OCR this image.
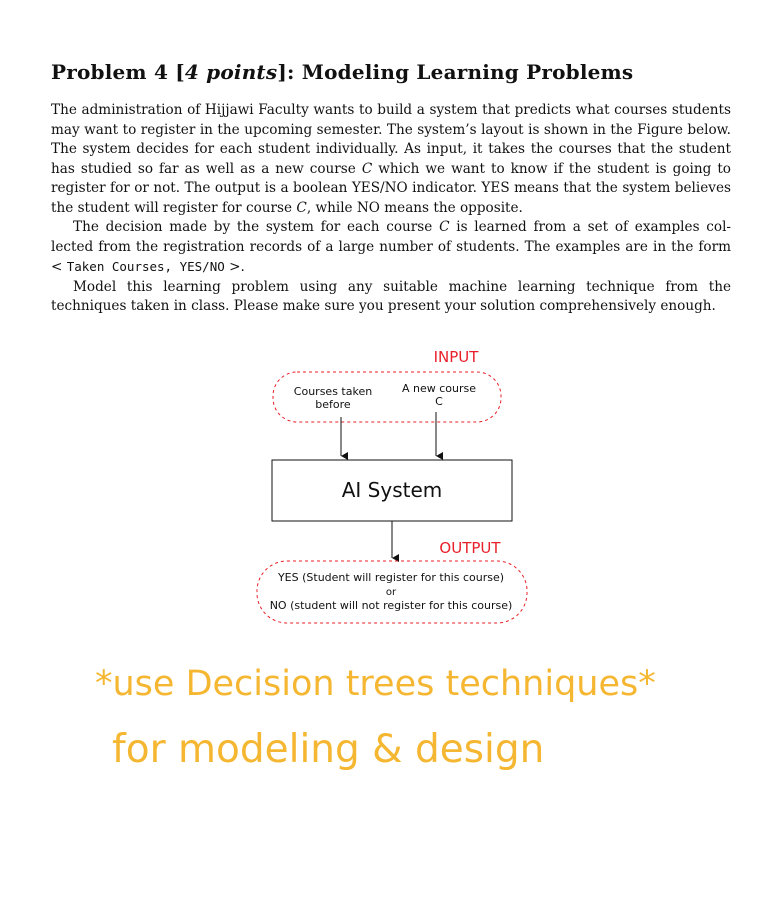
Problem 4 [4 points]: Modeling Learning Problems

The administration of Hijjawi Faculty wants to build a system that predicts what courses students may want to register in the upcoming semester. The system’s layout is shown in the Figure below. The system decides for each student individually. As input, it takes the courses that the student has studied so far as well as a new course C which we want to know if the student is going to register for or not. The output is a boolean YES/NO indicator. YES means that the system believes the student will register for course C, while NO means the opposite.

The decision made by the system for each course C is learned from a set of examples col-lected from the registration records of a large number of students. The examples are in the form < Taken Courses, YES/NO >.

Model this learning problem using any suitable machine learning technique from the techniques taken in class. Please make sure you present your solution comprehensively enough.

INPUT
Courses taken
before
A new course
C
AI System
OUTPUT
YES (Student will register for this course)
or
NO (student will not register for this course)
*use Decision trees techniques*
for modeling & design
